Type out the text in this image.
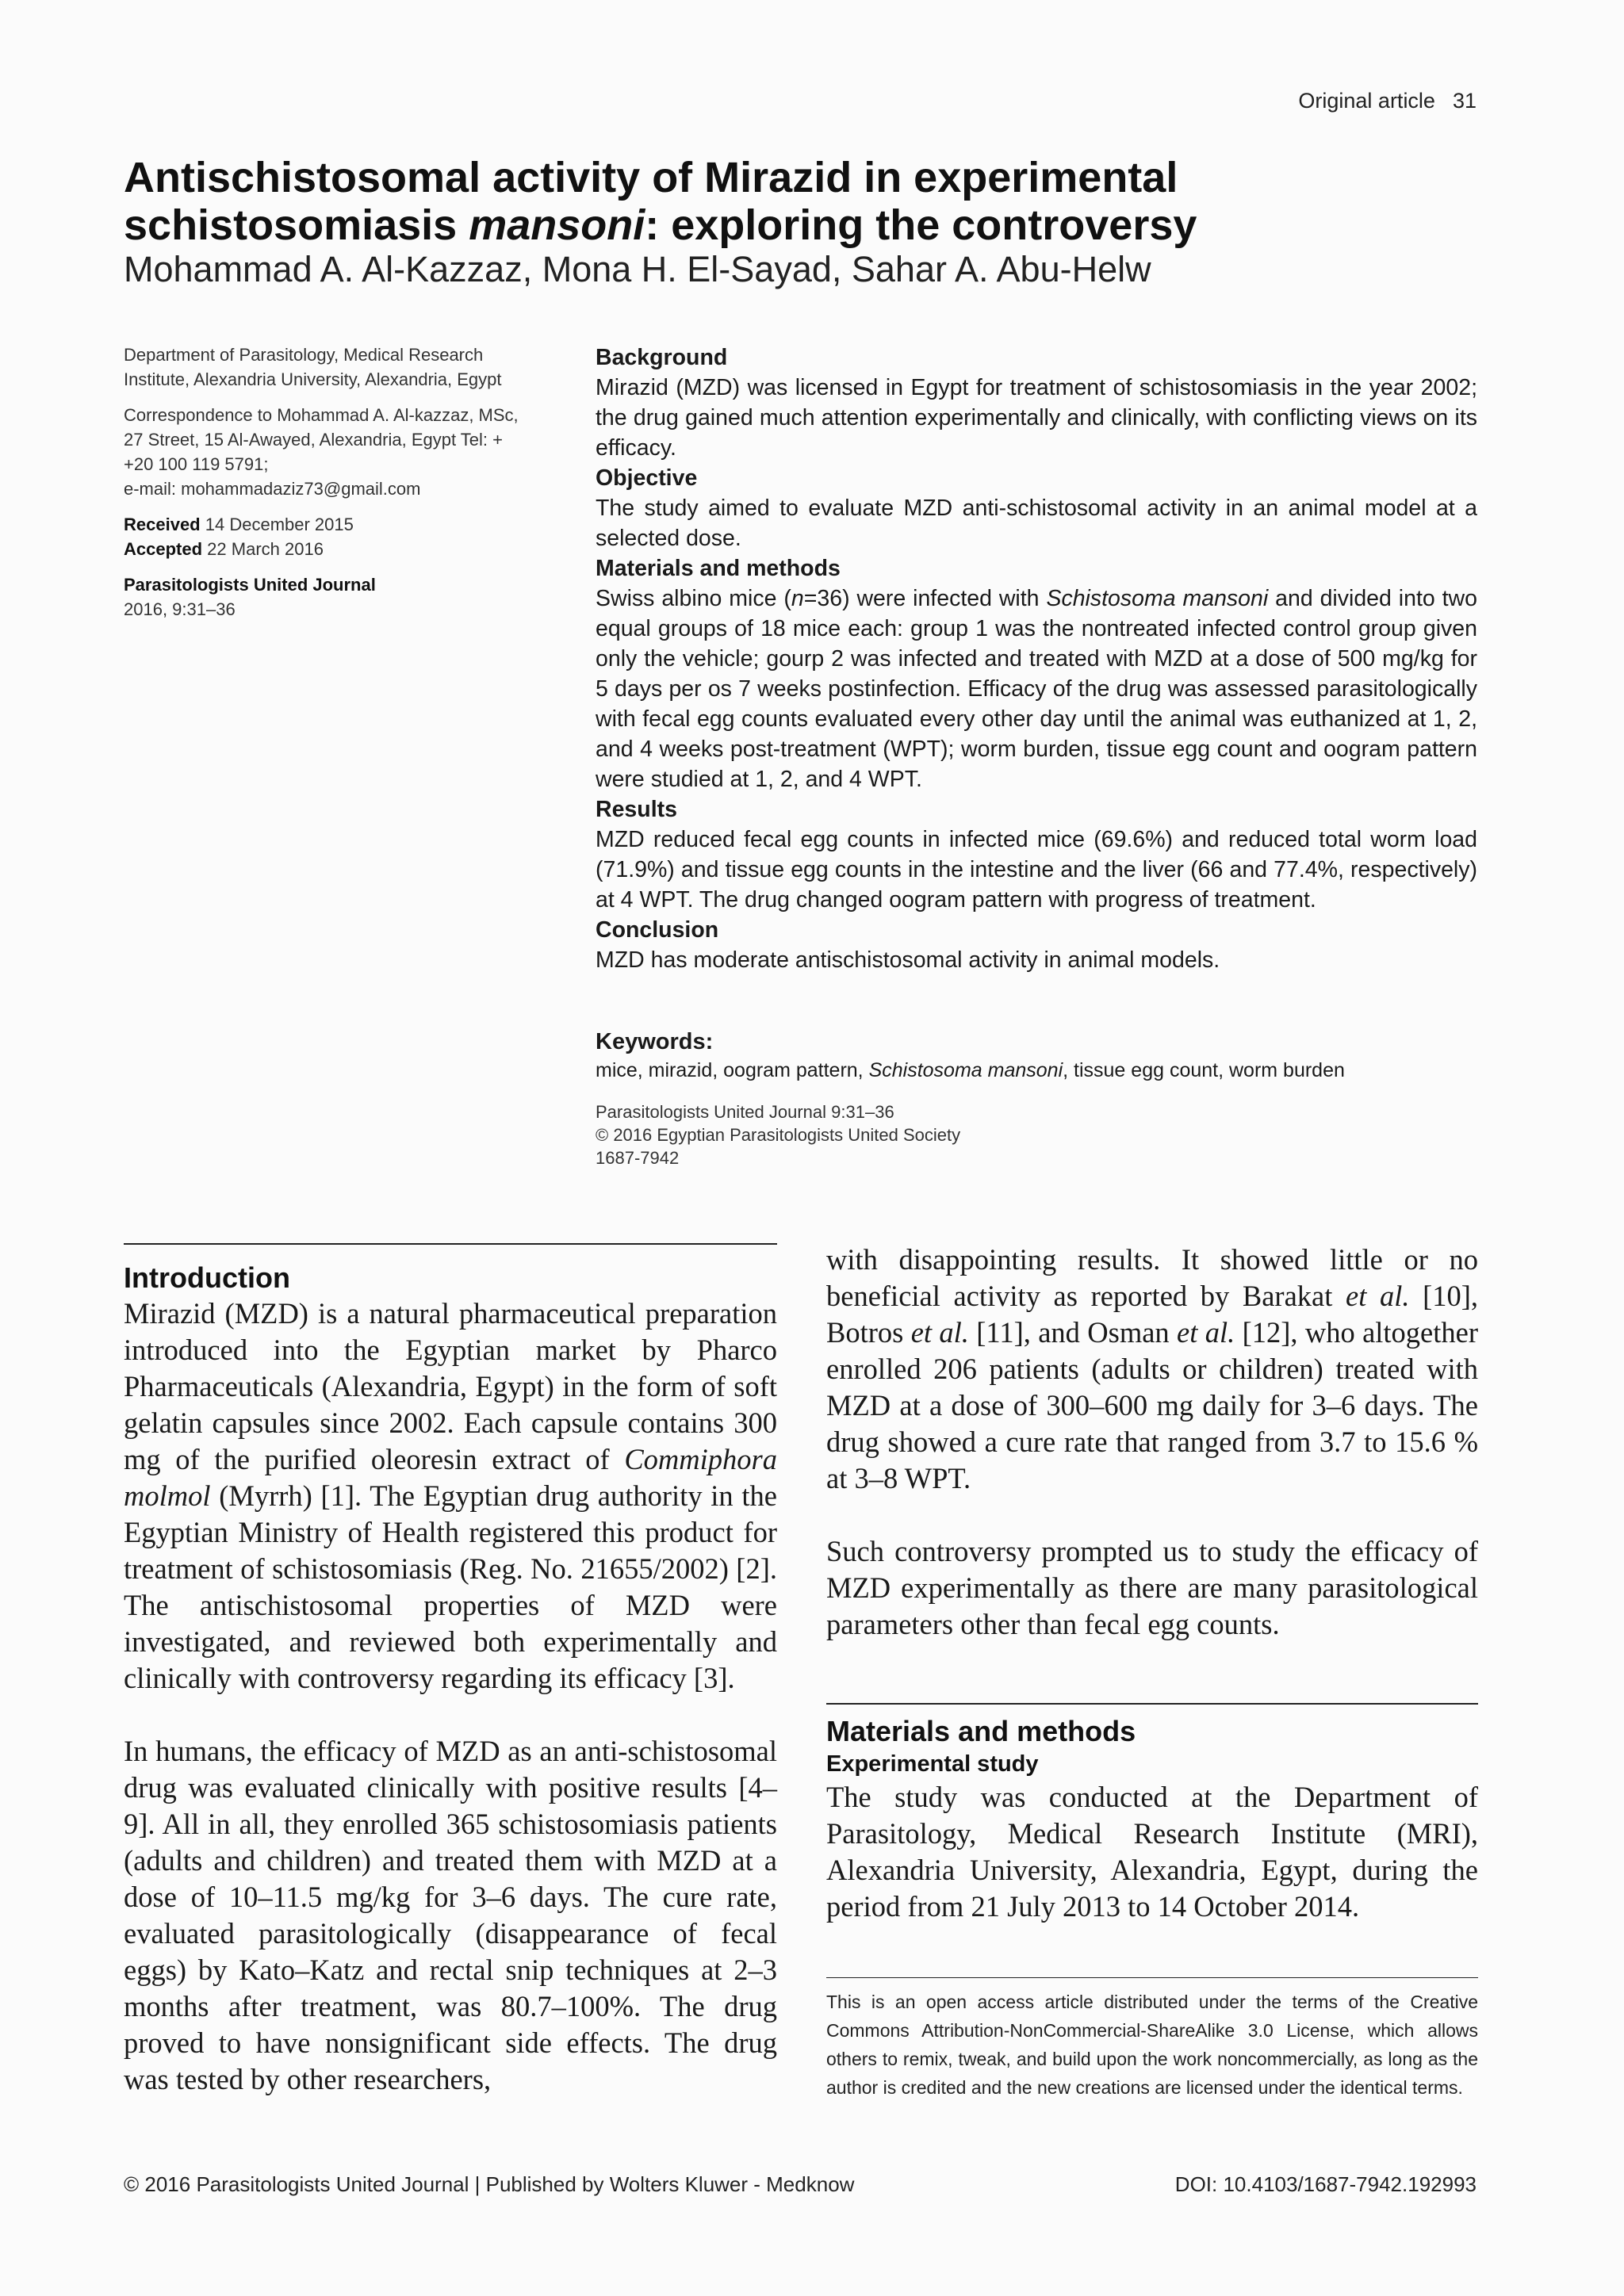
Original article 31
Antischistosomal activity of Mirazid in experimental
schistosomiasis mansoni: exploring the controversy
Mohammad A. Al-Kazzaz, Mona H. El-Sayad, Sahar A. Abu-Helw

Department of Parasitology, Medical Research Institute, Alexandria University, Alexandria, Egypt

Correspondence to Mohammad A. Al-kazzaz, MSc, 27 Street, 15 Al-Awayed, Alexandria, Egypt Tel: + +20 100 119 5791;
e-mail: mohammadaziz73@gmail.com

Received 14 December 2015
Accepted 22 March 2016

Parasitologists United Journal
2016, 9:31–36

Background

Mirazid (MZD) was licensed in Egypt for treatment of schistosomiasis in the year 2002; the drug gained much attention experimentally and clinically, with conflicting views on its efficacy.

Objective

The study aimed to evaluate MZD anti-schistosomal activity in an animal model at a selected dose.

Materials and methods

Swiss albino mice (n=36) were infected with Schistosoma mansoni and divided into two equal groups of 18 mice each: group 1 was the nontreated infected control group given only the vehicle; gourp 2 was infected and treated with MZD at a dose of 500 mg/kg for 5 days per os 7 weeks postinfection. Efficacy of the drug was assessed parasitologically with fecal egg counts evaluated every other day until the animal was euthanized at 1, 2, and 4 weeks post-treatment (WPT); worm burden, tissue egg count and oogram pattern were studied at 1, 2, and 4 WPT.

Results

MZD reduced fecal egg counts in infected mice (69.6%) and reduced total worm load (71.9%) and tissue egg counts in the intestine and the liver (66 and 77.4%, respectively) at 4 WPT. The drug changed oogram pattern with progress of treatment.

Conclusion

MZD has moderate antischistosomal activity in animal models.

Keywords:
mice, mirazid, oogram pattern, Schistosoma mansoni, tissue egg count, worm burden
Parasitologists United Journal 9:31–36
© 2016 Egyptian Parasitologists United Society
1687-7942
Introduction

Mirazid (MZD) is a natural pharmaceutical preparation introduced into the Egyptian market by Pharco Pharmaceuticals (Alexandria, Egypt) in the form of soft gelatin capsules since 2002. Each capsule contains 300 mg of the purified oleoresin extract of Commiphora molmol (Myrrh) [1]. The Egyptian drug authority in the Egyptian Ministry of Health registered this product for treatment of schistosomiasis (Reg. No. 21655/2002) [2]. The antischistosomal properties of MZD were investigated, and reviewed both experimentally and clinically with controversy regarding its efficacy [3].

In humans, the efficacy of MZD as an anti-schistosomal drug was evaluated clinically with positive results [4–9]. All in all, they enrolled 365 schistosomiasis patients (adults and children) and treated them with MZD at a dose of 10–11.5 mg/kg for 3–6 days. The cure rate, evaluated parasitologically (disappearance of fecal eggs) by Kato–Katz and rectal snip techniques at 2–3 months after treatment, was 80.7–100%. The drug proved to have nonsignificant side effects. The drug was tested by other researchers,

with disappointing results. It showed little or no beneficial activity as reported by Barakat et al. [10], Botros et al. [11], and Osman et al. [12], who altogether enrolled 206 patients (adults or children) treated with MZD at a dose of 300–600 mg daily for 3–6 days. The drug showed a cure rate that ranged from 3.7 to 15.6 % at 3–8 WPT.

Such controversy prompted us to study the efficacy of MZD experimentally as there are many parasitological parameters other than fecal egg counts.

Materials and methods
Experimental study

The study was conducted at the Department of Parasitology, Medical Research Institute (MRI), Alexandria University, Alexandria, Egypt, during the period from 21 July 2013 to 14 October 2014.

This is an open access article distributed under the terms of the Creative Commons Attribution-NonCommercial-ShareAlike 3.0 License, which allows others to remix, tweak, and build upon the work noncommercially, as long as the author is credited and the new creations are licensed under the identical terms.
© 2016 Parasitologists United Journal | Published by Wolters Kluwer - Medknow	DOI: 10.4103/1687-7942.192993
